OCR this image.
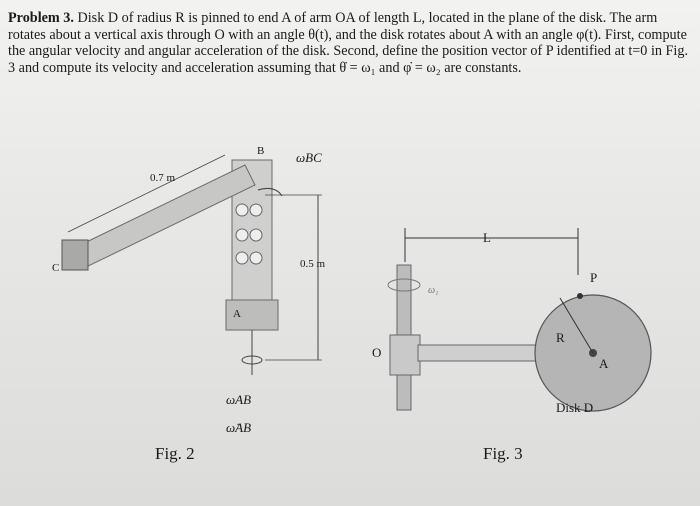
Problem 3. Disk D of radius R is pinned to end A of arm OA of length L, located in the plane of the disk. The arm rotates about a vertical axis through O with an angle θ(t), and the disk rotates about A with an angle φ(t). First, compute the angular velocity and angular acceleration of the disk. Second, define the position vector of P identified at t=0 in Fig. 3 and compute its velocity and acceleration assuming that θ̇ = ω₁ and φ̇ = ω₂ are constants.
B
C
A
0.7 m
0.5 m
ωBC
ωAB
ω̇AB
Fig. 2
L
P
R
A
O
ω₁
Disk D
Fig. 3
